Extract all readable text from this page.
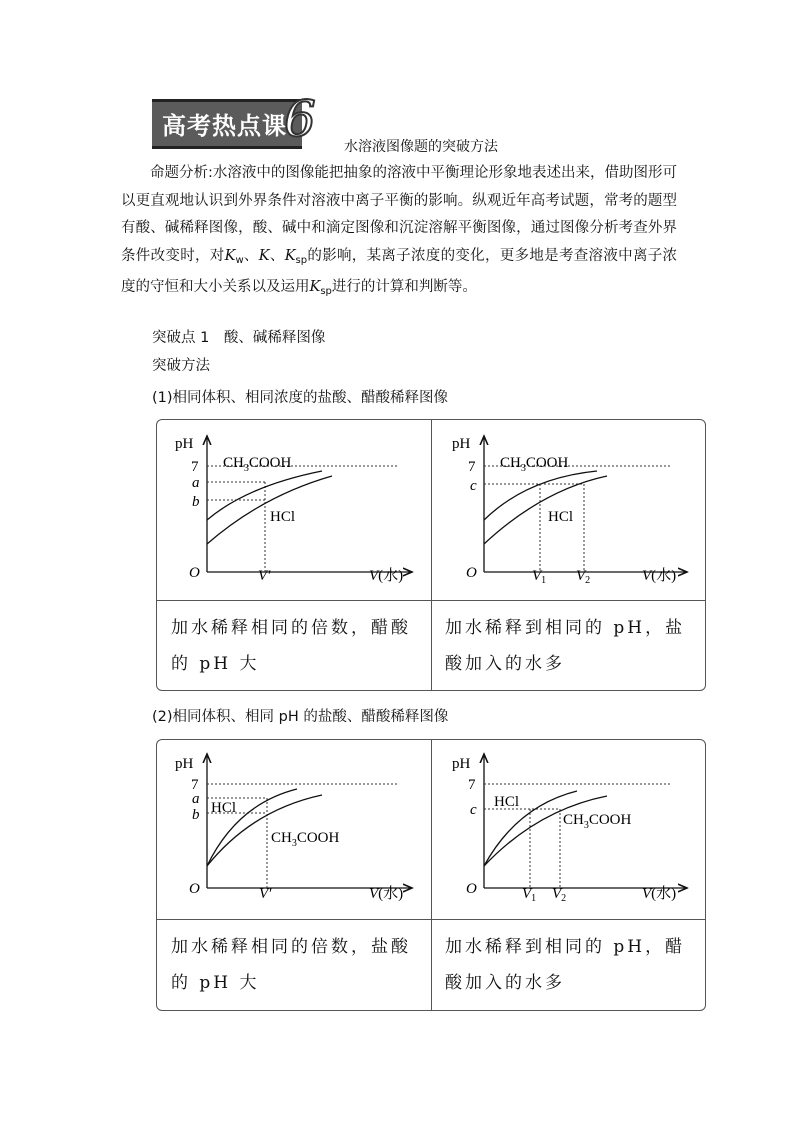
高考热点课
6 水溶液图像题的突破方法

命题分析:水溶液中的图像能把抽象的溶液中平衡理论形象地表述出来，借助图形可以更直观地认识到外界条件对溶液中离子平衡的影响。纵观近年高考试题，常考的题型有酸、碱稀释图像，酸、碱中和滴定图像和沉淀溶解平衡图像，通过图像分析考查外界条件改变时，对$K_w$、K、$K_{sp}$的影响，某离子浓度的变化，更多地是考查溶液中离子浓度的守恒和大小关系以及运用$K_{sp}$进行的计算和判断等。

突破点 1　酸、碱稀释图像
突破方法
(1)相同体积、相同浓度的盐酸、醋酸稀释图像
pH
7
a
b
$CH_3COOH$
HCl
O	V′	V(水)
pH
7
c
$CH_3COOH$
HCl
O	$V_1$ $V_2$	V(水)
加水稀释相同的倍数，醋酸的 pH 大
加水稀释到相同的 pH，盐酸加入的水多
(2)相同体积、相同 pH 的盐酸、醋酸稀释图像
pH
7
a
b HCl
$CH_3COOH$
O	V′	V(水)
pH
7
c HCl
$CH_3COOH$
O	$V_1$ $V_2$	V(水)
加水稀释相同的倍数，盐酸的 pH 大
加水稀释到相同的 pH，醋酸加入的水多
